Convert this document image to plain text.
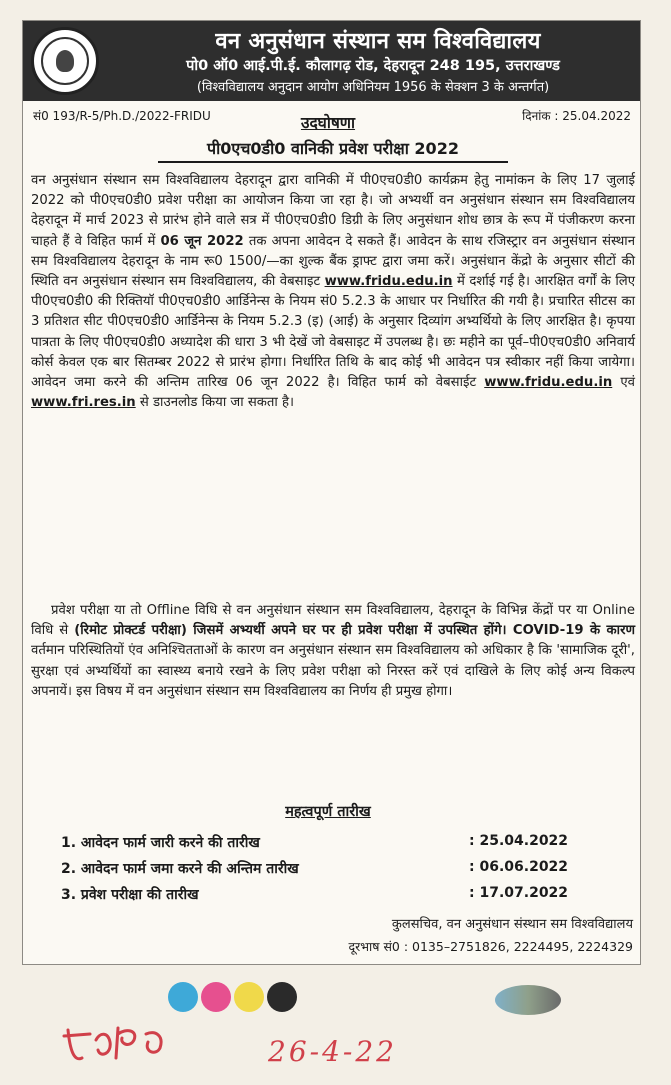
वन अनुसंधान संस्थान सम विश्वविद्यालय
पो0 ऑ0 आई.पी.ई. कौलागढ़ रोड, देहरादून 248 195, उत्तराखण्ड
(विश्वविद्यालय अनुदान आयोग अधिनियम 1956 के सेक्शन 3 के अन्तर्गत)
सं0 193/R-5/Ph.D./2022-FRIDU	दिनांक : 25.04.2022
उदघोषणा
पी0एच0डी0 वानिकी प्रवेश परीक्षा 2022

वन अनुसंधान संस्थान सम विश्वविद्यालय देहरादून द्वारा वानिकी में पी0एच0डी0 कार्यक्रम हेतु नामांकन के लिए 17 जुलाई 2022 को पी0एच0डी0 प्रवेश परीक्षा का आयोजन किया जा रहा है। जो अभ्यर्थी वन अनुसंधान संस्थान सम विश्वविद्यालय देहरादून में मार्च 2023 से प्रारंभ होने वाले सत्र में पी0एच0डी0 डिग्री के लिए अनुसंधान शोध छात्र के रूप में पंजीकरण करना चाहते हैं वे विहित फार्म में 06 जून 2022 तक अपना आवेदन दे सकते हैं। आवेदन के साथ रजिस्ट्रार वन अनुसंधान संस्थान सम विश्वविद्यालय देहरादून के नाम रू0 1500/—का शुल्क बैंक ड्राफ्ट द्वारा जमा करें। अनुसंधान केंद्रो के अनुसार सीटों की स्थिति वन अनुसंधान संस्थान सम विश्वविद्यालय, की वेबसाइट www.fridu.edu.in में दर्शाई गई है। आरक्षित वर्गों के लिए पी0एच0डी0 की रिक्तियॉ पी0एच0डी0 आर्डिनेन्स के नियम सं0 5.2.3 के आधार पर निर्धारित की गयी है। प्रचारित सीटस का 3 प्रतिशत सीट पी0एच0डी0 आर्डिनेन्स के नियम 5.2.3 (इ) (आई) के अनुसार दिव्यांग अभ्यर्थियो के लिए आरक्षित है। कृपया पात्रता के लिए पी0एच0डी0 अध्यादेश की धारा 3 भी देखें जो वेबसाइट में उपलब्ध है। छः महीने का पूर्व–पी0एच0डी0 अनिवार्य कोर्स केवल एक बार सितम्बर 2022 से प्रारंभ होगा। निर्धारित तिथि के बाद कोई भी आवेदन पत्र स्वीकार नहीं किया जायेगा। आवेदन जमा करने की अन्तिम तारिख 06 जून 2022 है। विहित फार्म को वेबसाईट www.fridu.edu.in एवं www.fri.res.in से डाउनलोड किया जा सकता है।

प्रवेश परीक्षा या तो Offline विधि से वन अनुसंधान संस्थान सम विश्वविद्यालय, देहरादून के विभिन्न केंद्रों पर या Online विधि से (रिमोट प्रोक्टर्ड परीक्षा) जिसमें अभ्यर्थी अपने घर पर ही प्रवेश परीक्षा में उपस्थित होंगे। COVID-19 के कारण वर्तमान परिस्थितियों एंव अनिश्चितताओं के कारण वन अनुसंधान संस्थान सम विश्वविद्यालय को अधिकार है कि 'सामाजिक दूरी', सुरक्षा एवं अभ्यर्थियों का स्वास्थ्य बनाये रखने के लिए प्रवेश परीक्षा को निरस्त करें एवं दाखिले के लिए कोई अन्य विकल्प अपनायें। इस विषय में वन अनुसंधान संस्थान सम विश्वविद्यालय का निर्णय ही प्रमुख होगा।

महत्वपूर्ण तारीख
1. आवेदन फार्म जारी करने की तारीख	: 25.04.2022
2. आवेदन फार्म जमा करने की अन्तिम तारीख	: 06.06.2022
3. प्रवेश परीक्षा की तारीख	: 17.07.2022
कुलसचिव, वन अनुसंधान संस्थान सम विश्वविद्यालय
दूरभाष सं0 : 0135–2751826, 2224495, 2224329
26-4-22
